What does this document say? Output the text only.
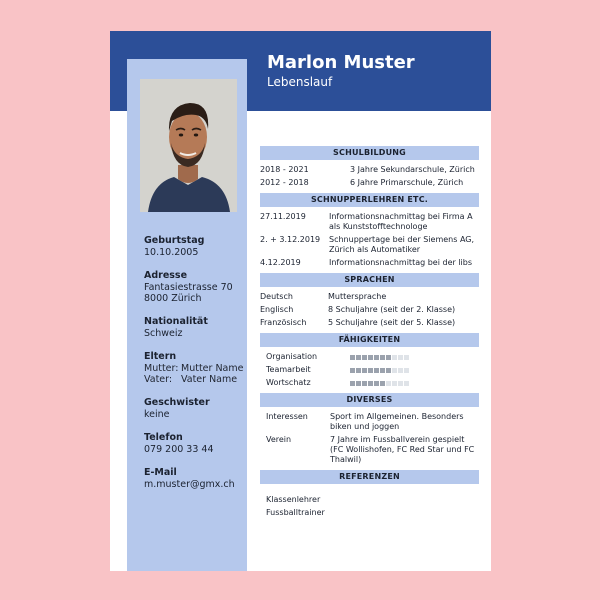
Marlon Muster
Lebenslauf
Geburtstag
10.10.2005
Adresse
Fantasiestrasse 70
8000 Zürich
Nationalität
Schweiz
Eltern
Mutter: Mutter Name
Vater: Vater Name
Geschwister
keine
Telefon
079 200 33 44
E-Mail
m.muster@gmx.ch
SCHULBILDUNG
2018 - 2021	3 Jahre Sekundarschule, Zürich
2012 - 2018	6 Jahre Primarschule, Zürich
SCHNUPPERLEHREN ETC.
27.11.2019	Informationsnachmittag bei Firma A als Kunststofftechnologe
2. + 3.12.2019	Schnuppertage bei der Siemens AG, Zürich als Automatiker
4.12.2019	Informationsnachmittag bei der libs
SPRACHEN
Deutsch	Muttersprache
Englisch	8 Schuljahre (seit der 2. Klasse)
Französisch	5 Schuljahre (seit der 5. Klasse)
FÄHIGKEITEN
Organisation
Teamarbeit
Wortschatz
DIVERSES
Interessen	Sport im Allgemeinen. Besonders biken und joggen
Verein	7 Jahre im Fussballverein gespielt (FC Wollishofen, FC Red Star und FC Thalwil)
REFERENZEN
Klassenlehrer
Fussballtrainer
